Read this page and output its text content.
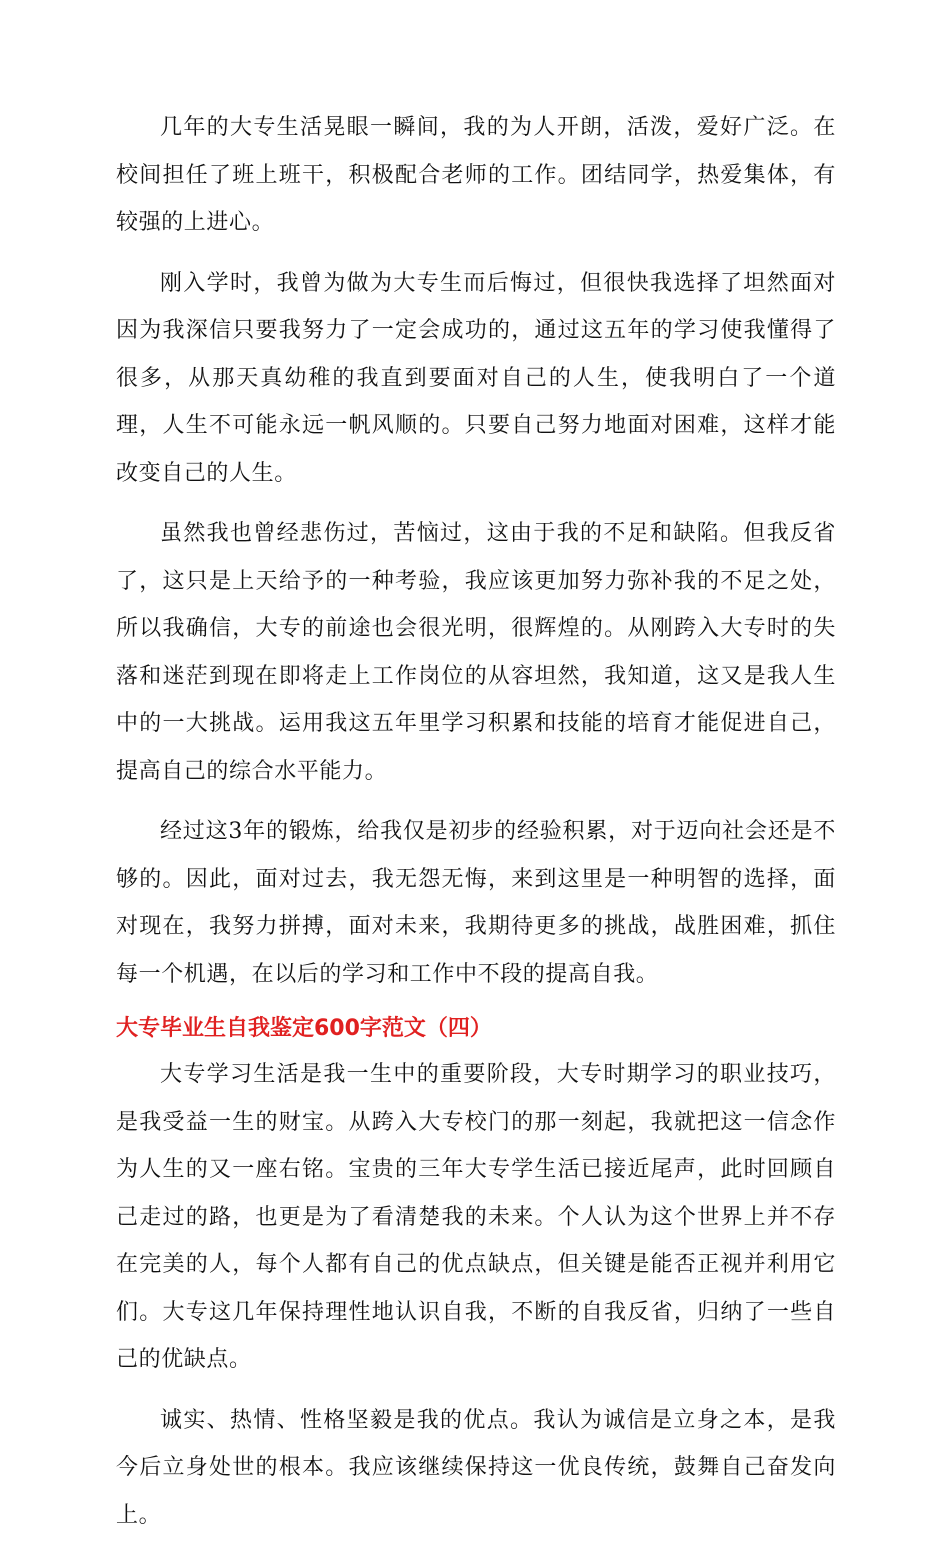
几年的大专生活晃眼一瞬间，我的为人开朗，活泼，爱好广泛。在校间担任了班上班干，积极配合老师的工作。团结同学，热爱集体，有较强的上进心。

刚入学时，我曾为做为大专生而后悔过，但很快我选择了坦然面对因为我深信只要我努力了一定会成功的，通过这五年的学习使我懂得了很多，从那天真幼稚的我直到要面对自己的人生，使我明白了一个道理，人生不可能永远一帆风顺的。只要自己努力地面对困难，这样才能改变自己的人生。

虽然我也曾经悲伤过，苦恼过，这由于我的不足和缺陷。但我反省了，这只是上天给予的一种考验，我应该更加努力弥补我的不足之处，所以我确信，大专的前途也会很光明，很辉煌的。从刚跨入大专时的失落和迷茫到现在即将走上工作岗位的从容坦然，我知道，这又是我人生中的一大挑战。运用我这五年里学习积累和技能的培育才能促进自己，提高自己的综合水平能力。

经过这3年的锻炼，给我仅是初步的经验积累，对于迈向社会还是不够的。因此，面对过去，我无怨无悔，来到这里是一种明智的选择，面对现在，我努力拼搏，面对未来，我期待更多的挑战，战胜困难，抓住每一个机遇，在以后的学习和工作中不段的提高自我。

大专毕业生自我鉴定600字范文（四）

大专学习生活是我一生中的重要阶段，大专时期学习的职业技巧，是我受益一生的财宝。从跨入大专校门的那一刻起，我就把这一信念作为人生的又一座右铭。宝贵的三年大专学生活已接近尾声，此时回顾自己走过的路，也更是为了看清楚我的未来。个人认为这个世界上并不存在完美的人，每个人都有自己的优点缺点，但关键是能否正视并利用它们。大专这几年保持理性地认识自我，不断的自我反省，归纳了一些自己的优缺点。

诚实、热情、性格坚毅是我的优点。我认为诚信是立身之本，是我今后立身处世的根本。我应该继续保持这一优良传统，鼓舞自己奋发向上。
